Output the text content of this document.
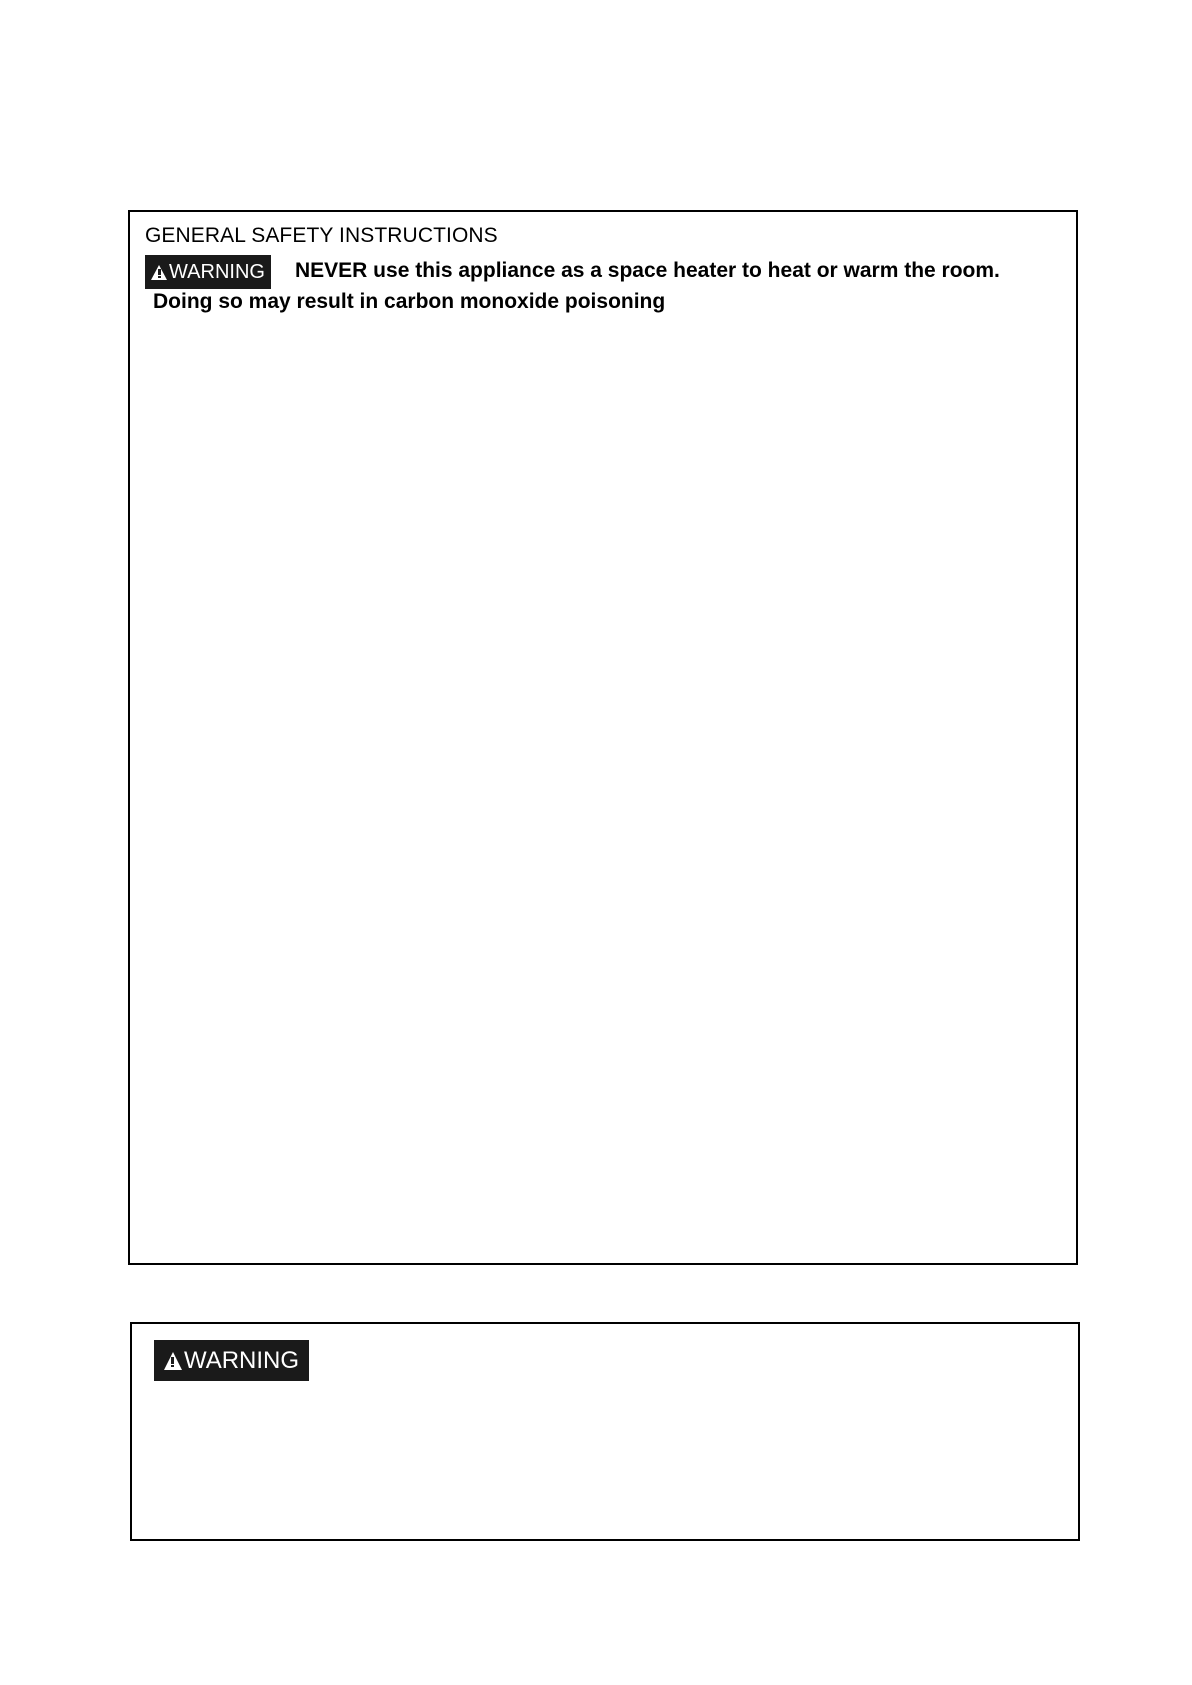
GENERAL SAFETY INSTRUCTIONS
WARNING NEVER use this appliance as a space heater to heat or warm the room.
Doing so may result in carbon monoxide poisoning
WARNING
